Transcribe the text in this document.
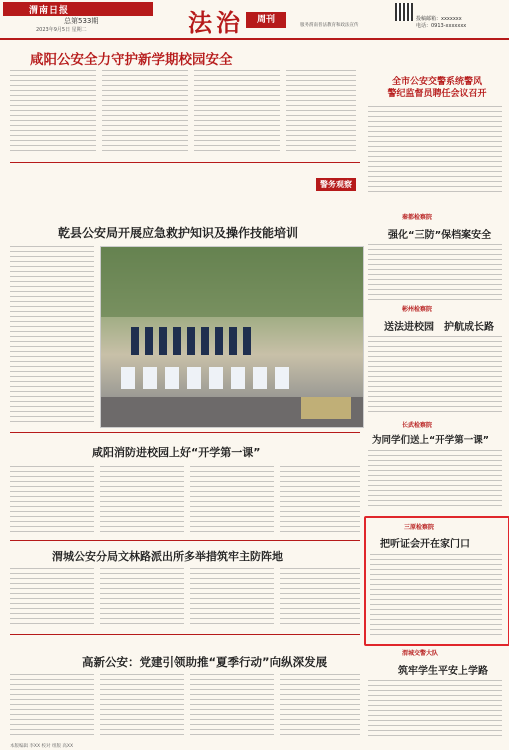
渭南日报
总第533期
2023年9月5日 星期二	法治	周刊
服务渭南普法教育和政法宣传
投稿邮箱：xxxxxxx
电话：0913-xxxxxxx
咸阳公安全力守护新学期校园安全
全市公安交警系统警风
警纪监督员聘任会议召开
警务观察
乾县公安局开展应急救护知识及操作技能培训
秦都检察院
强化“三防”保档案安全
彬州检察院
送法进校园　护航成长路
长武检察院
为同学们送上“开学第一课”
咸阳消防进校园上好“开学第一课”
渭城公安分局文林路派出所多举措筑牢主防阵地
三原检察院
把听证会开在家门口
高新公安：党建引领助推“夏季行动”向纵深发展
渭城交警大队
筑牢学生平安上学路
本版编辑 李XX 校对 组版 高XX
